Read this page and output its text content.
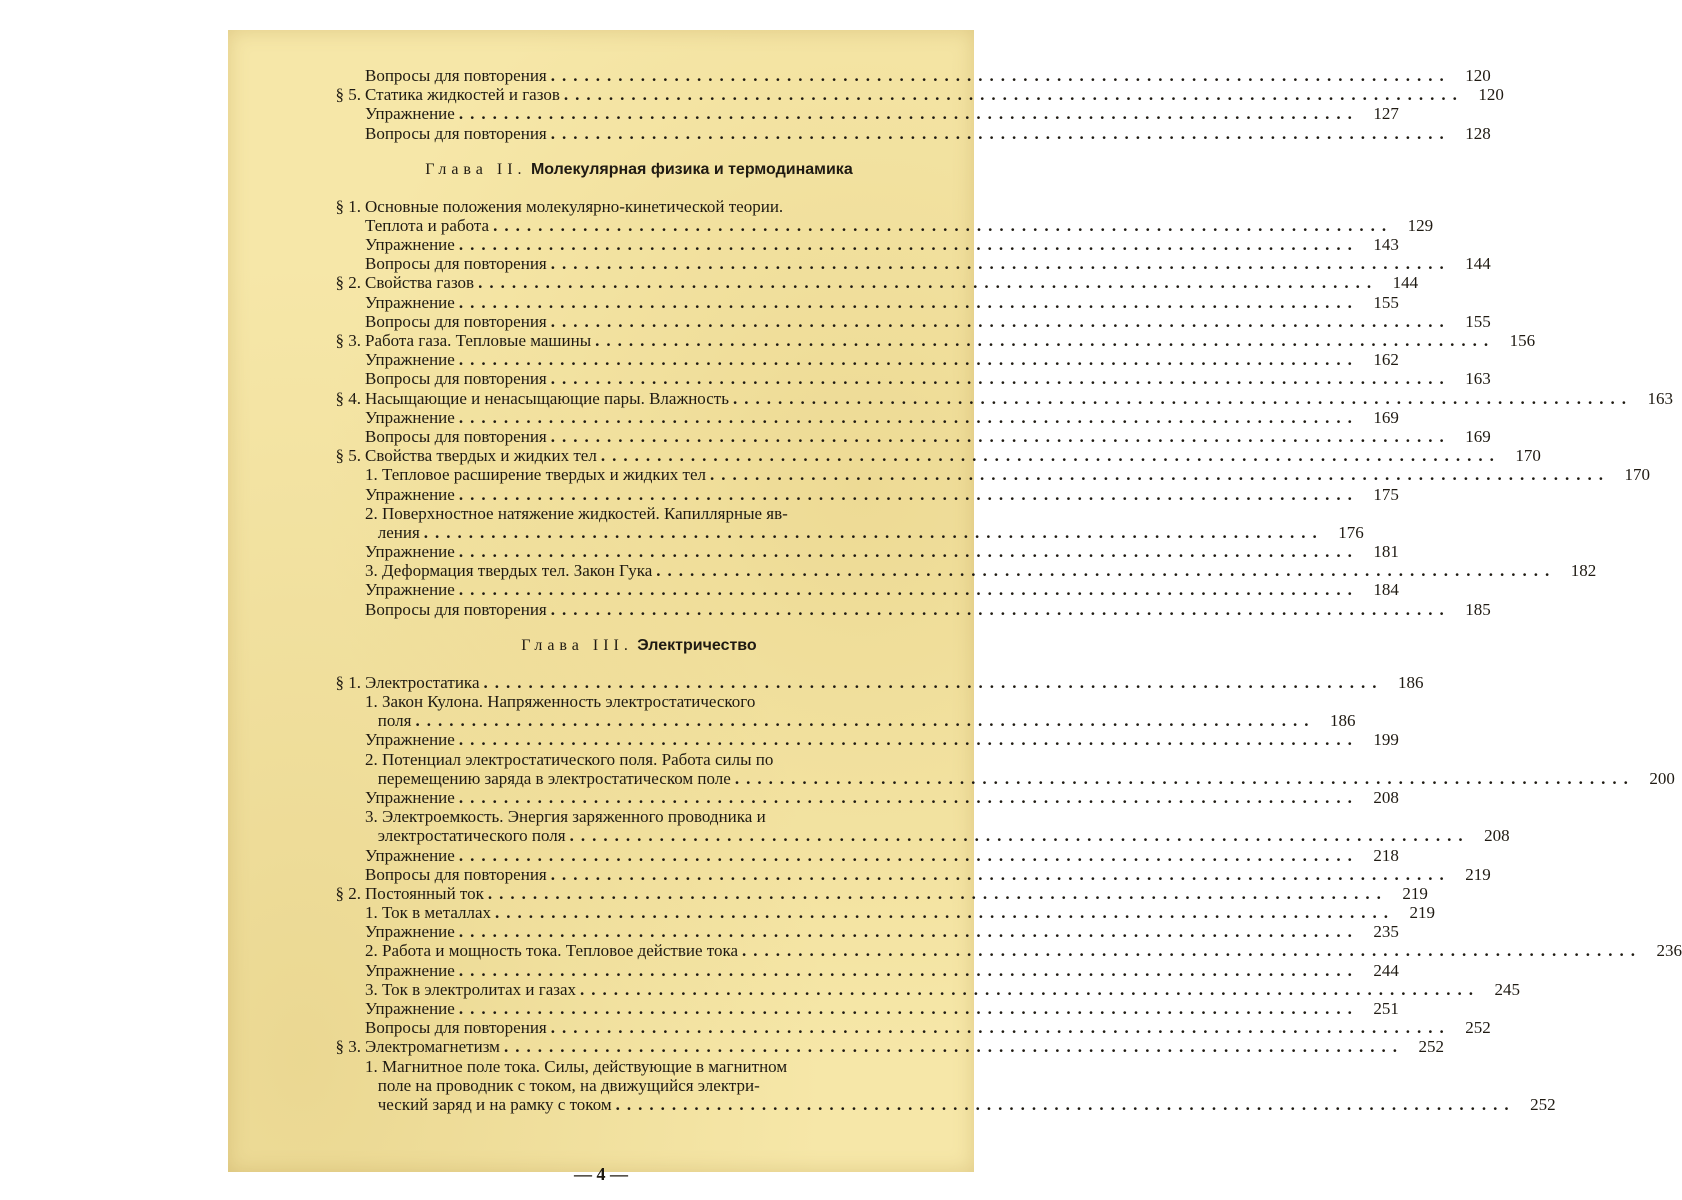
Вопросы для повторения ................................................................................ 120
§ 5. Статика жидкостей и газов ................................................................................ 120
Упражнение ................................................................................ 127
Вопросы для повторения ................................................................................ 128
Глава II. Молекулярная физика и термодинамика
§ 1. Основные положения молекулярно-кинетической теории.
Теплота и работа ................................................................................ 129
Упражнение ................................................................................ 143
Вопросы для повторения ................................................................................ 144
§ 2. Свойства газов ................................................................................ 144
Упражнение ................................................................................ 155
Вопросы для повторения ................................................................................ 155
§ 3. Работа газа. Тепловые машины ................................................................................ 156
Упражнение ................................................................................ 162
Вопросы для повторения ................................................................................ 163
§ 4. Насыщающие и ненасыщающие пары. Влажность ................................................................................ 163
Упражнение ................................................................................ 169
Вопросы для повторения ................................................................................ 169
§ 5. Свойства твердых и жидких тел ................................................................................ 170
1. Тепловое расширение твердых и жидких тел ................................................................................ 170
Упражнение ................................................................................ 175
2. Поверхностное натяжение жидкостей. Капиллярные яв-
ления ................................................................................ 176
Упражнение ................................................................................ 181
3. Деформация твердых тел. Закон Гука ................................................................................ 182
Упражнение ................................................................................ 184
Вопросы для повторения ................................................................................ 185
Глава III. Электричество
§ 1. Электростатика ................................................................................ 186
1. Закон Кулона. Напряженность электростатического
поля ................................................................................ 186
Упражнение ................................................................................ 199
2. Потенциал электростатического поля. Работа силы по
перемещению заряда в электростатическом поле ................................................................................ 200
Упражнение ................................................................................ 208
3. Электроемкость. Энергия заряженного проводника и
электростатического поля ................................................................................ 208
Упражнение ................................................................................ 218
Вопросы для повторения ................................................................................ 219
§ 2. Постоянный ток ................................................................................ 219
1. Ток в металлах ................................................................................ 219
Упражнение ................................................................................ 235
2. Работа и мощность тока. Тепловое действие тока ................................................................................ 236
Упражнение ................................................................................ 244
3. Ток в электролитах и газах ................................................................................ 245
Упражнение ................................................................................ 251
Вопросы для повторения ................................................................................ 252
§ 3. Электромагнетизм ................................................................................ 252
1. Магнитное поле тока. Силы, действующие в магнитном
поле на проводник с током, на движущийся электри-
ческий заряд и на рамку с током ................................................................................ 252
— 4 —
